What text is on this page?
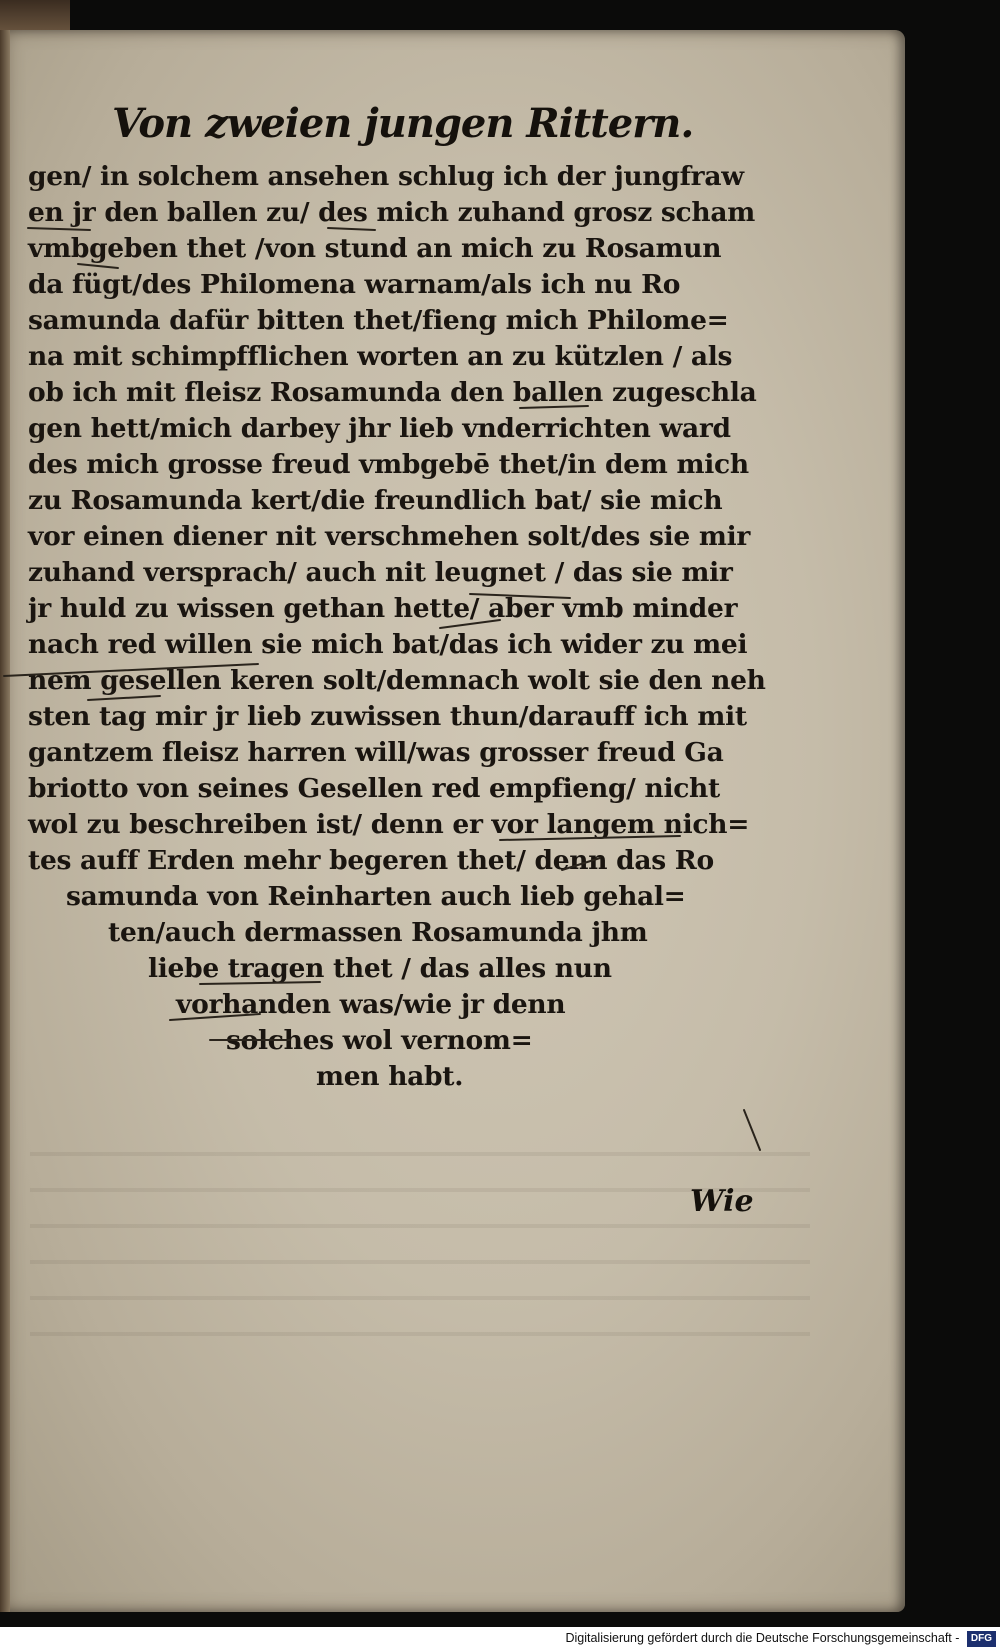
Von zweien jungen Rittern.
gen/ in solchem ansehen schlug ich der jungfraw
en jr den ballen zu/ des mich zuhand grosz scham
vmbgeben thet /von stund an mich zu Rosamun
da fügt/des Philomena warnam/als ich nu Ro
samunda dafür bitten thet/fieng mich Philome=
na mit schimpfflichen worten an zu kützlen / als
ob ich mit fleisz Rosamunda den ballen zugeschla
gen hett/mich darbey jhr lieb vnderrichten ward
des mich grosse freud vmbgebē thet/in dem mich
zu Rosamunda kert/die freundlich bat/ sie mich
vor einen diener nit verschmehen solt/des sie mir
zuhand versprach/ auch nit leugnet / das sie mir
jr huld zu wissen gethan hette/ aber vmb minder
nach red willen sie mich bat/das ich wider zu mei
nem gesellen keren solt/demnach wolt sie den neh
sten tag mir jr lieb zuwissen thun/darauff ich mit
gantzem fleisz harren will/was grosser freud Ga
briotto von seines Gesellen red empfieng/ nicht
wol zu beschreiben ist/ denn er vor langem nich=
tes auff Erden mehr begeren thet/ denn das Ro
samunda von Reinharten auch lieb gehal=
ten/auch dermassen Rosamunda jhm
liebe tragen thet / das alles nun
vorhanden was/wie jr denn
solches wol vernom=
men habt.
Wie
Digitalisierung gefördert durch die Deutsche Forschungsgemeinschaft - DFG
